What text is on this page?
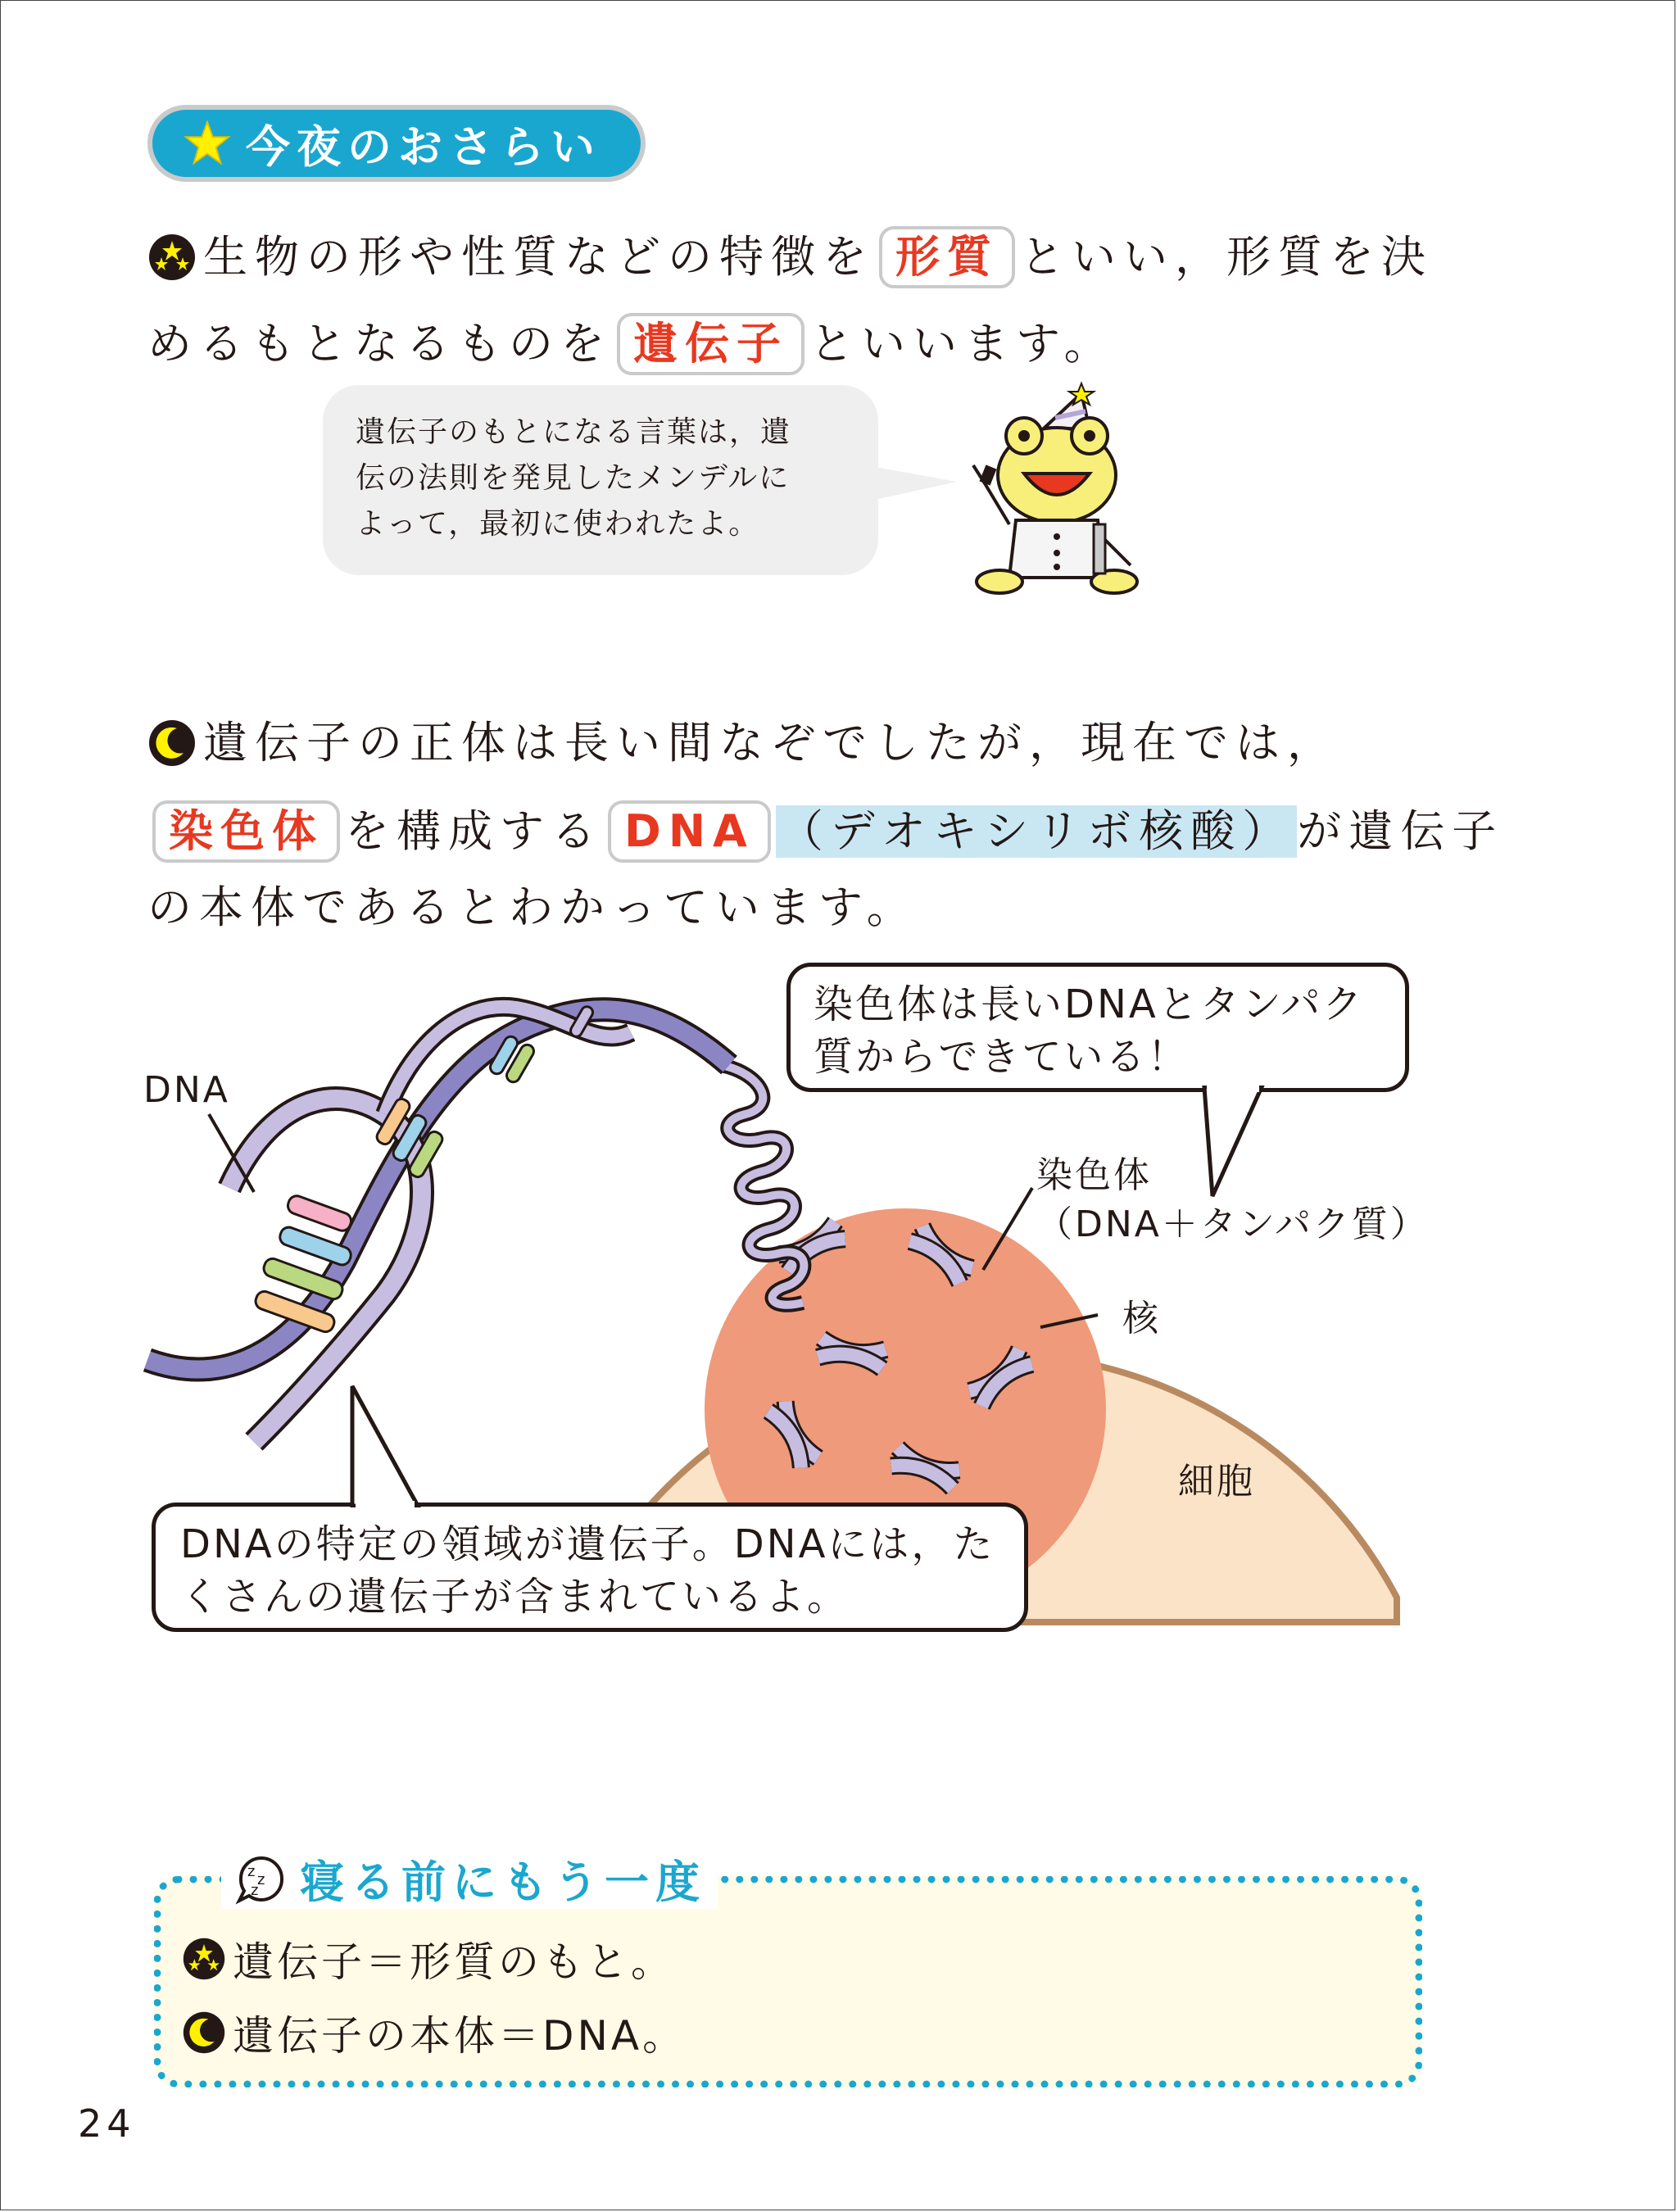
今夜のおさらい
生物の形や性質などの特徴を 形質 といい，形質を決
めるもとなるものを 遺伝子 といいます。
遺伝子のもとになる言葉は，遺
伝の法則を発見したメンデルに
よって，最初に使われたよ。
遺伝子の正体は長い間なぞでしたが，現在では，
染色体 を構成する DNA （デオキシリボ核酸） が遺伝子
の本体であるとわかっています。
DNA
染色体
（DNA＋タンパク質）
核
細胞
染色体は長いDNAとタンパク
質からできている！
DNAの特定の領域が遺伝子。DNAには，た
くさんの遺伝子が含まれているよ。
z z
z 寝る前にもう一度
遺伝子＝形質のもと。
遺伝子の本体＝DNA。
24
